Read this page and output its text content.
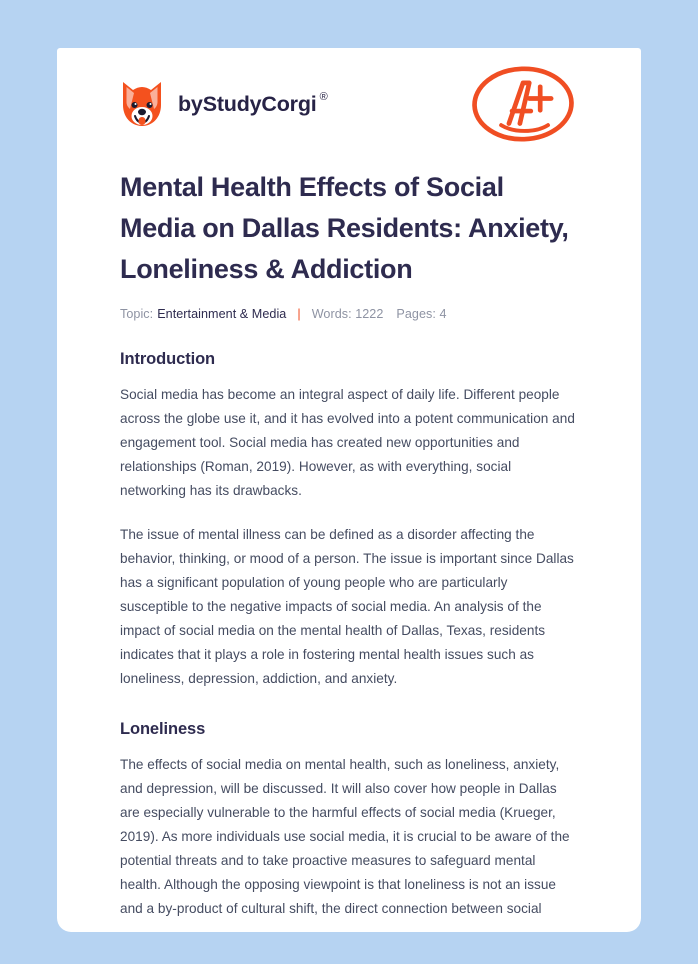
by StudyCorgi ®
Mental Health Effects of Social Media on Dallas Residents: Anxiety, Loneliness & Addiction
Topic: Entertainment & Media | Words: 1222 Pages: 4
Introduction

Social media has become an integral aspect of daily life. Different people across the globe use it, and it has evolved into a potent communication and engagement tool. Social media has created new opportunities and relationships (Roman, 2019). However, as with everything, social networking has its drawbacks.

The issue of mental illness can be defined as a disorder affecting the behavior, thinking, or mood of a person. The issue is important since Dallas has a significant population of young people who are particularly susceptible to the negative impacts of social media. An analysis of the impact of social media on the mental health of Dallas, Texas, residents indicates that it plays a role in fostering mental health issues such as loneliness, depression, addiction, and anxiety.

Loneliness

The effects of social media on mental health, such as loneliness, anxiety, and depression, will be discussed. It will also cover how people in Dallas are especially vulnerable to the harmful effects of social media (Krueger, 2019). As more individuals use social media, it is crucial to be aware of the potential threats and to take proactive measures to safeguard mental health. Although the opposing viewpoint is that loneliness is not an issue and a by-product of cultural shift, the direct connection between social
